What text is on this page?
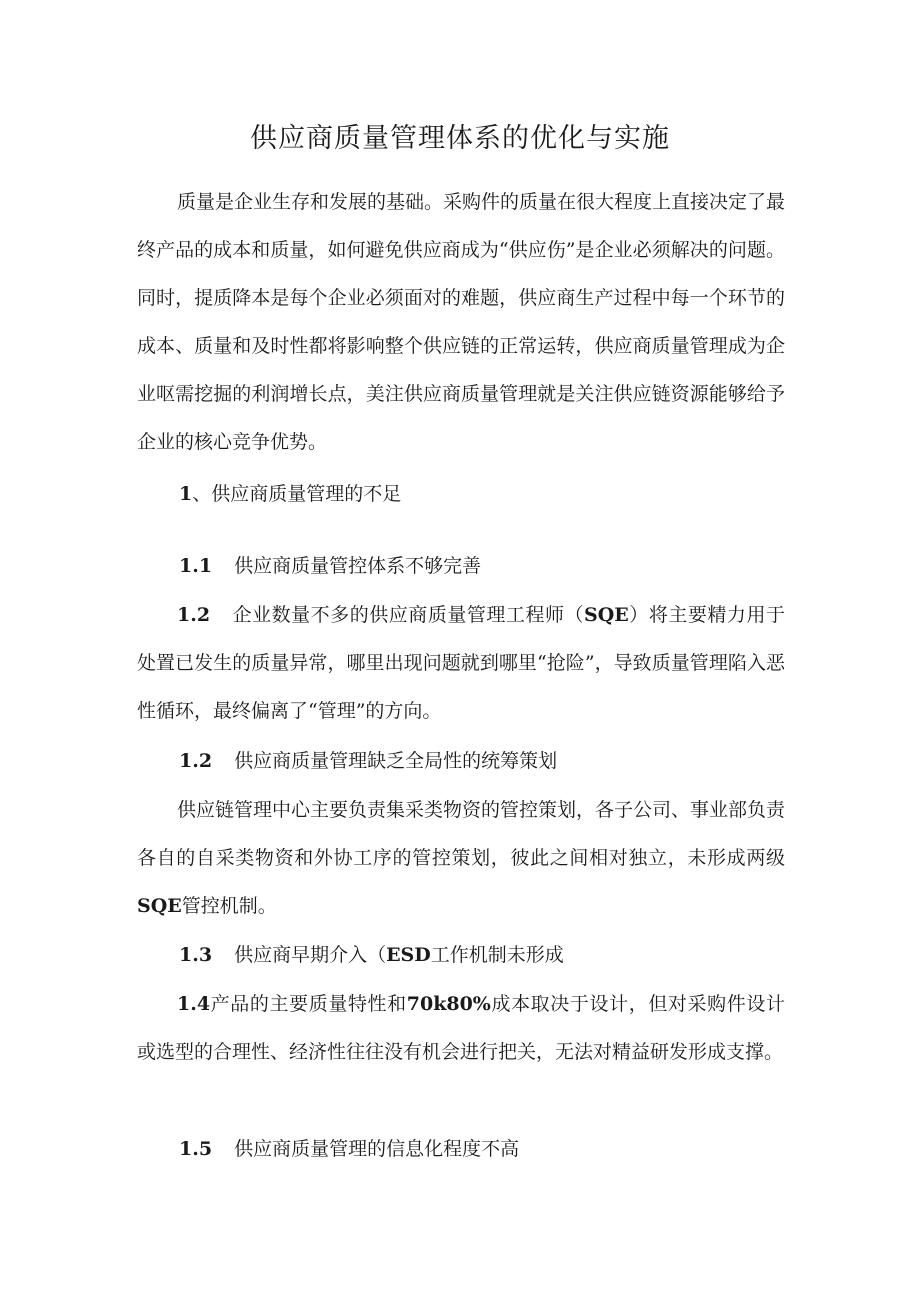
供应商质量管理体系的优化与实施

质量是企业生存和发展的基础。采购件的质量在很大程度上直接决定了最终产品的成本和质量，如何避免供应商成为“供应伤”是企业必须解决的问题。同时，提质降本是每个企业必须面对的难题，供应商生产过程中每一个环节的成本、质量和及时性都将影响整个供应链的正常运转，供应商质量管理成为企业呕需挖掘的利润增长点，美注供应商质量管理就是关注供应链资源能够给予企业的核心竞争优势。

1、供应商质量管理的不足

1.1 供应商质量管控体系不够完善

1.2 企业数量不多的供应商质量管理工程师（SQE）将主要精力用于处置已发生的质量异常，哪里出现问题就到哪里“抢险”，导致质量管理陷入恶性循环，最终偏离了“管理”的方向。

1.2 供应商质量管理缺乏全局性的统筹策划

供应链管理中心主要负责集采类物资的管控策划，各子公司、事业部负责各自的自采类物资和外协工序的管控策划，彼此之间相对独立，未形成两级SQE管控机制。

1.3 供应商早期介入（ESD工作机制未形成

1.4产品的主要质量特性和70k80%成本取决于设计，但对采购件设计或选型的合理性、经济性往往没有机会进行把关，无法对精益研发形成支撑。

1.5 供应商质量管理的信息化程度不高
